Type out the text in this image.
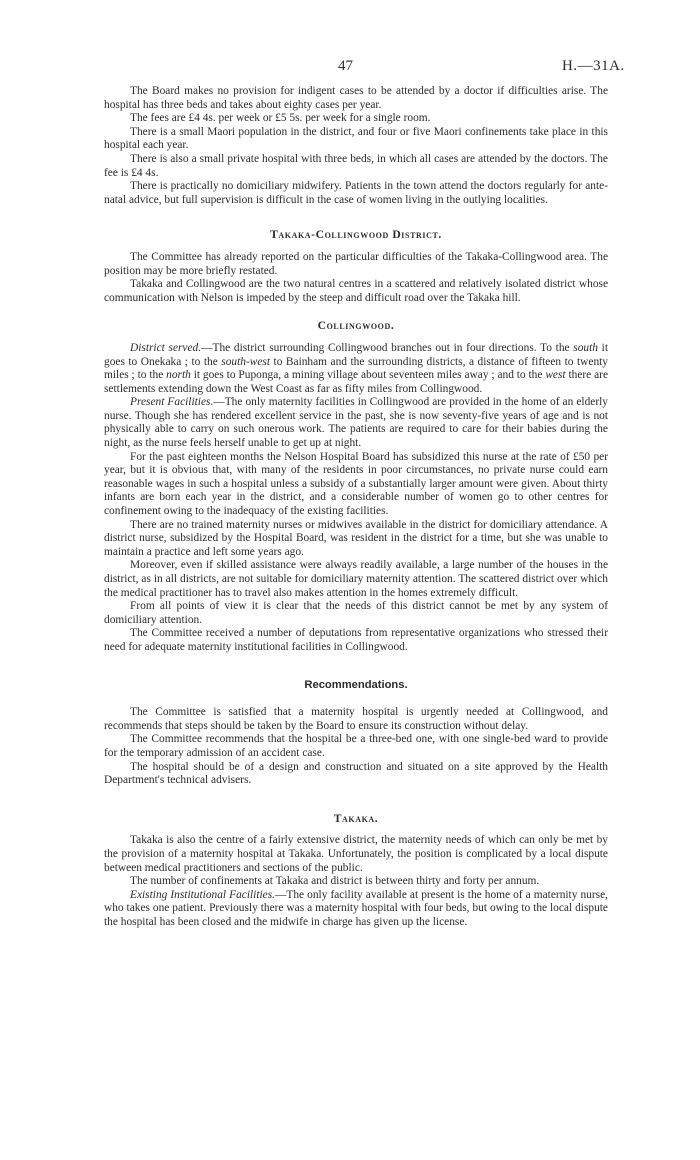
47	H.—31A.

The Board makes no provision for indigent cases to be attended by a doctor if difficulties arise. The hospital has three beds and takes about eighty cases per year.

The fees are £4 4s. per week or £5 5s. per week for a single room.

There is a small Maori population in the district, and four or five Maori confinements take place in this hospital each year.

There is also a small private hospital with three beds, in which all cases are attended by the doctors. The fee is £4 4s.

There is practically no domiciliary midwifery. Patients in the town attend the doctors regularly for ante-natal advice, but full supervision is difficult in the case of women living in the outlying localities.

Takaka-Collingwood District.

The Committee has already reported on the particular difficulties of the Takaka-Collingwood area. The position may be more briefly restated.

Takaka and Collingwood are the two natural centres in a scattered and relatively isolated district whose communication with Nelson is impeded by the steep and difficult road over the Takaka hill.

Collingwood.

District served.—The district surrounding Collingwood branches out in four directions. To the south it goes to Onekaka ; to the south-west to Bainham and the surrounding districts, a distance of fifteen to twenty miles ; to the north it goes to Puponga, a mining village about seventeen miles away ; and to the west there are settlements extending down the West Coast as far as fifty miles from Collingwood.

Present Facilities.—The only maternity facilities in Collingwood are provided in the home of an elderly nurse. Though she has rendered excellent service in the past, she is now seventy-five years of age and is not physically able to carry on such onerous work. The patients are required to care for their babies during the night, as the nurse feels herself unable to get up at night.

For the past eighteen months the Nelson Hospital Board has subsidized this nurse at the rate of £50 per year, but it is obvious that, with many of the residents in poor circumstances, no private nurse could earn reasonable wages in such a hospital unless a subsidy of a substantially larger amount were given. About thirty infants are born each year in the district, and a considerable number of women go to other centres for confinement owing to the inadequacy of the existing facilities.

There are no trained maternity nurses or midwives available in the district for domiciliary attendance. A district nurse, subsidized by the Hospital Board, was resident in the district for a time, but she was unable to maintain a practice and left some years ago.

Moreover, even if skilled assistance were always readily available, a large number of the houses in the district, as in all districts, are not suitable for domiciliary maternity attention. The scattered district over which the medical practitioner has to travel also makes attention in the homes extremely difficult.

From all points of view it is clear that the needs of this district cannot be met by any system of domiciliary attention.

The Committee received a number of deputations from representative organizations who stressed their need for adequate maternity institutional facilities in Collingwood.

Recommendations.

The Committee is satisfied that a maternity hospital is urgently needed at Collingwood, and recommends that steps should be taken by the Board to ensure its construction without delay.

The Committee recommends that the hospital be a three-bed one, with one single-bed ward to provide for the temporary admission of an accident case.

The hospital should be of a design and construction and situated on a site approved by the Health Department's technical advisers.

Takaka.

Takaka is also the centre of a fairly extensive district, the maternity needs of which can only be met by the provision of a maternity hospital at Takaka. Unfortunately, the position is complicated by a local dispute between medical practitioners and sections of the public.

The number of confinements at Takaka and district is between thirty and forty per annum.

Existing Institutional Facilities.—The only facility available at present is the home of a maternity nurse, who takes one patient. Previously there was a maternity hospital with four beds, but owing to the local dispute the hospital has been closed and the midwife in charge has given up the license.
